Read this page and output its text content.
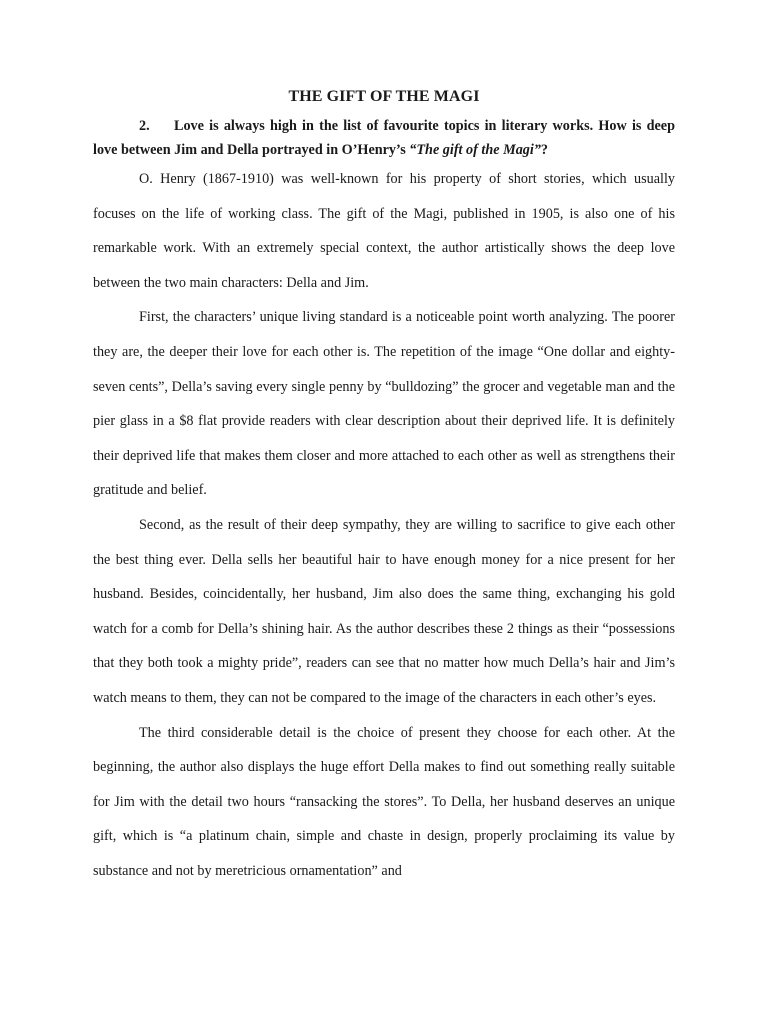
THE GIFT OF THE MAGI

2. Love is always high in the list of favourite topics in literary works. How is deep love between Jim and Della portrayed in O’Henry’s “The gift of the Magi”?

O. Henry (1867-1910) was well-known for his property of short stories, which usually focuses on the life of working class. The gift of the Magi, published in 1905, is also one of his remarkable work. With an extremely special context, the author artistically shows the deep love between the two main characters: Della and Jim.

First, the characters’ unique living standard is a noticeable point worth analyzing. The poorer they are, the deeper their love for each other is. The repetition of the image “One dollar and eighty-seven cents”, Della’s saving every single penny by “bulldozing” the grocer and vegetable man and the pier glass in a $8 flat provide readers with clear description about their deprived life. It is definitely their deprived life that makes them closer and more attached to each other as well as strengthens their gratitude and belief.

Second, as the result of their deep sympathy, they are willing to sacrifice to give each other the best thing ever. Della sells her beautiful hair to have enough money for a nice present for her husband. Besides, coincidentally, her husband, Jim also does the same thing, exchanging his gold watch for a comb for Della’s shining hair. As the author describes these 2 things as their “possessions that they both took a mighty pride”, readers can see that no matter how much Della’s hair and Jim’s watch means to them, they can not be compared to the image of the characters in each other’s eyes.

The third considerable detail is the choice of present they choose for each other. At the beginning, the author also displays the huge effort Della makes to find out something really suitable for Jim with the detail two hours “ransacking the stores”. To Della, her husband deserves an unique gift, which is “a platinum chain, simple and chaste in design, properly proclaiming its value by substance and not by meretricious ornamentation” and
